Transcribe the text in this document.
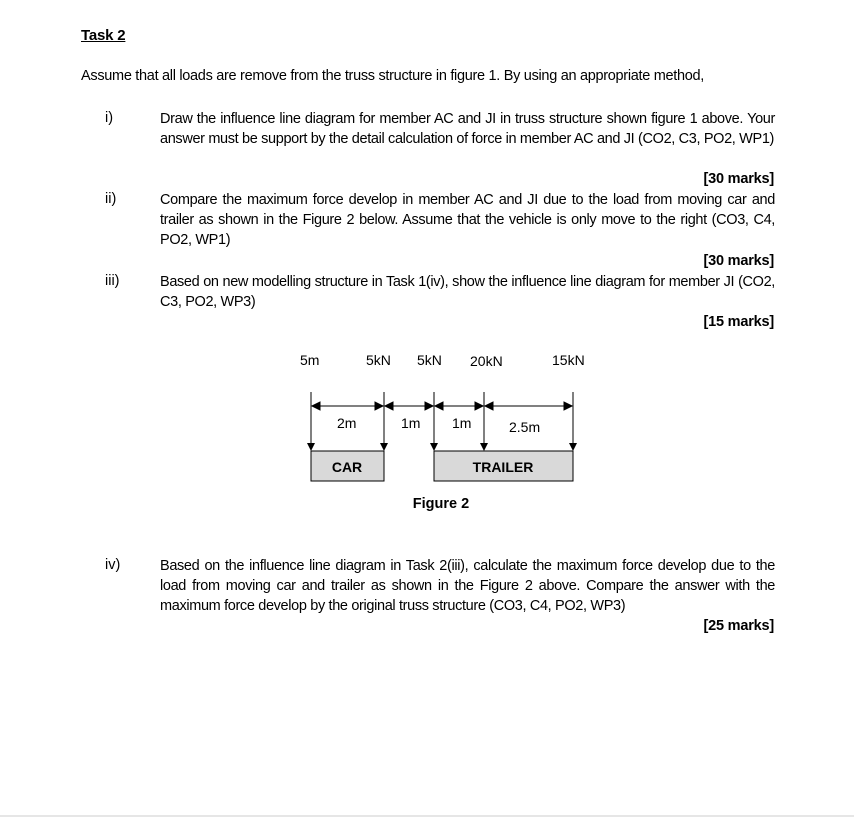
Task 2
Assume that all loads are remove from the truss structure in figure 1. By using an appropriate method,
i)	Draw the influence line diagram for member AC and JI in truss structure shown figure 1 above. Your answer must be support by the detail calculation of force in member AC and JI (CO2, C3, PO2, WP1)
[30 marks]
ii)	Compare the maximum force develop in member AC and JI due to the load from moving car and trailer as shown in the Figure 2 below. Assume that the vehicle is only move to the right (CO3, C4, PO2, WP1)
[30 marks]
iii)	Based on new modelling structure in Task 1(iv), show the influence line diagram for member JI (CO2, C3, PO2, WP3)
[15 marks]
5m	5kN 5kN 20kN	15kN
2m	1m 1m	2.5m
CAR	TRAILER
Figure 2
iv)	Based on the influence line diagram in Task 2(iii), calculate the maximum force develop due to the load from moving car and trailer as shown in the Figure 2 above. Compare the answer with the maximum force develop by the original truss structure (CO3, C4, PO2, WP3)
[25 marks]
